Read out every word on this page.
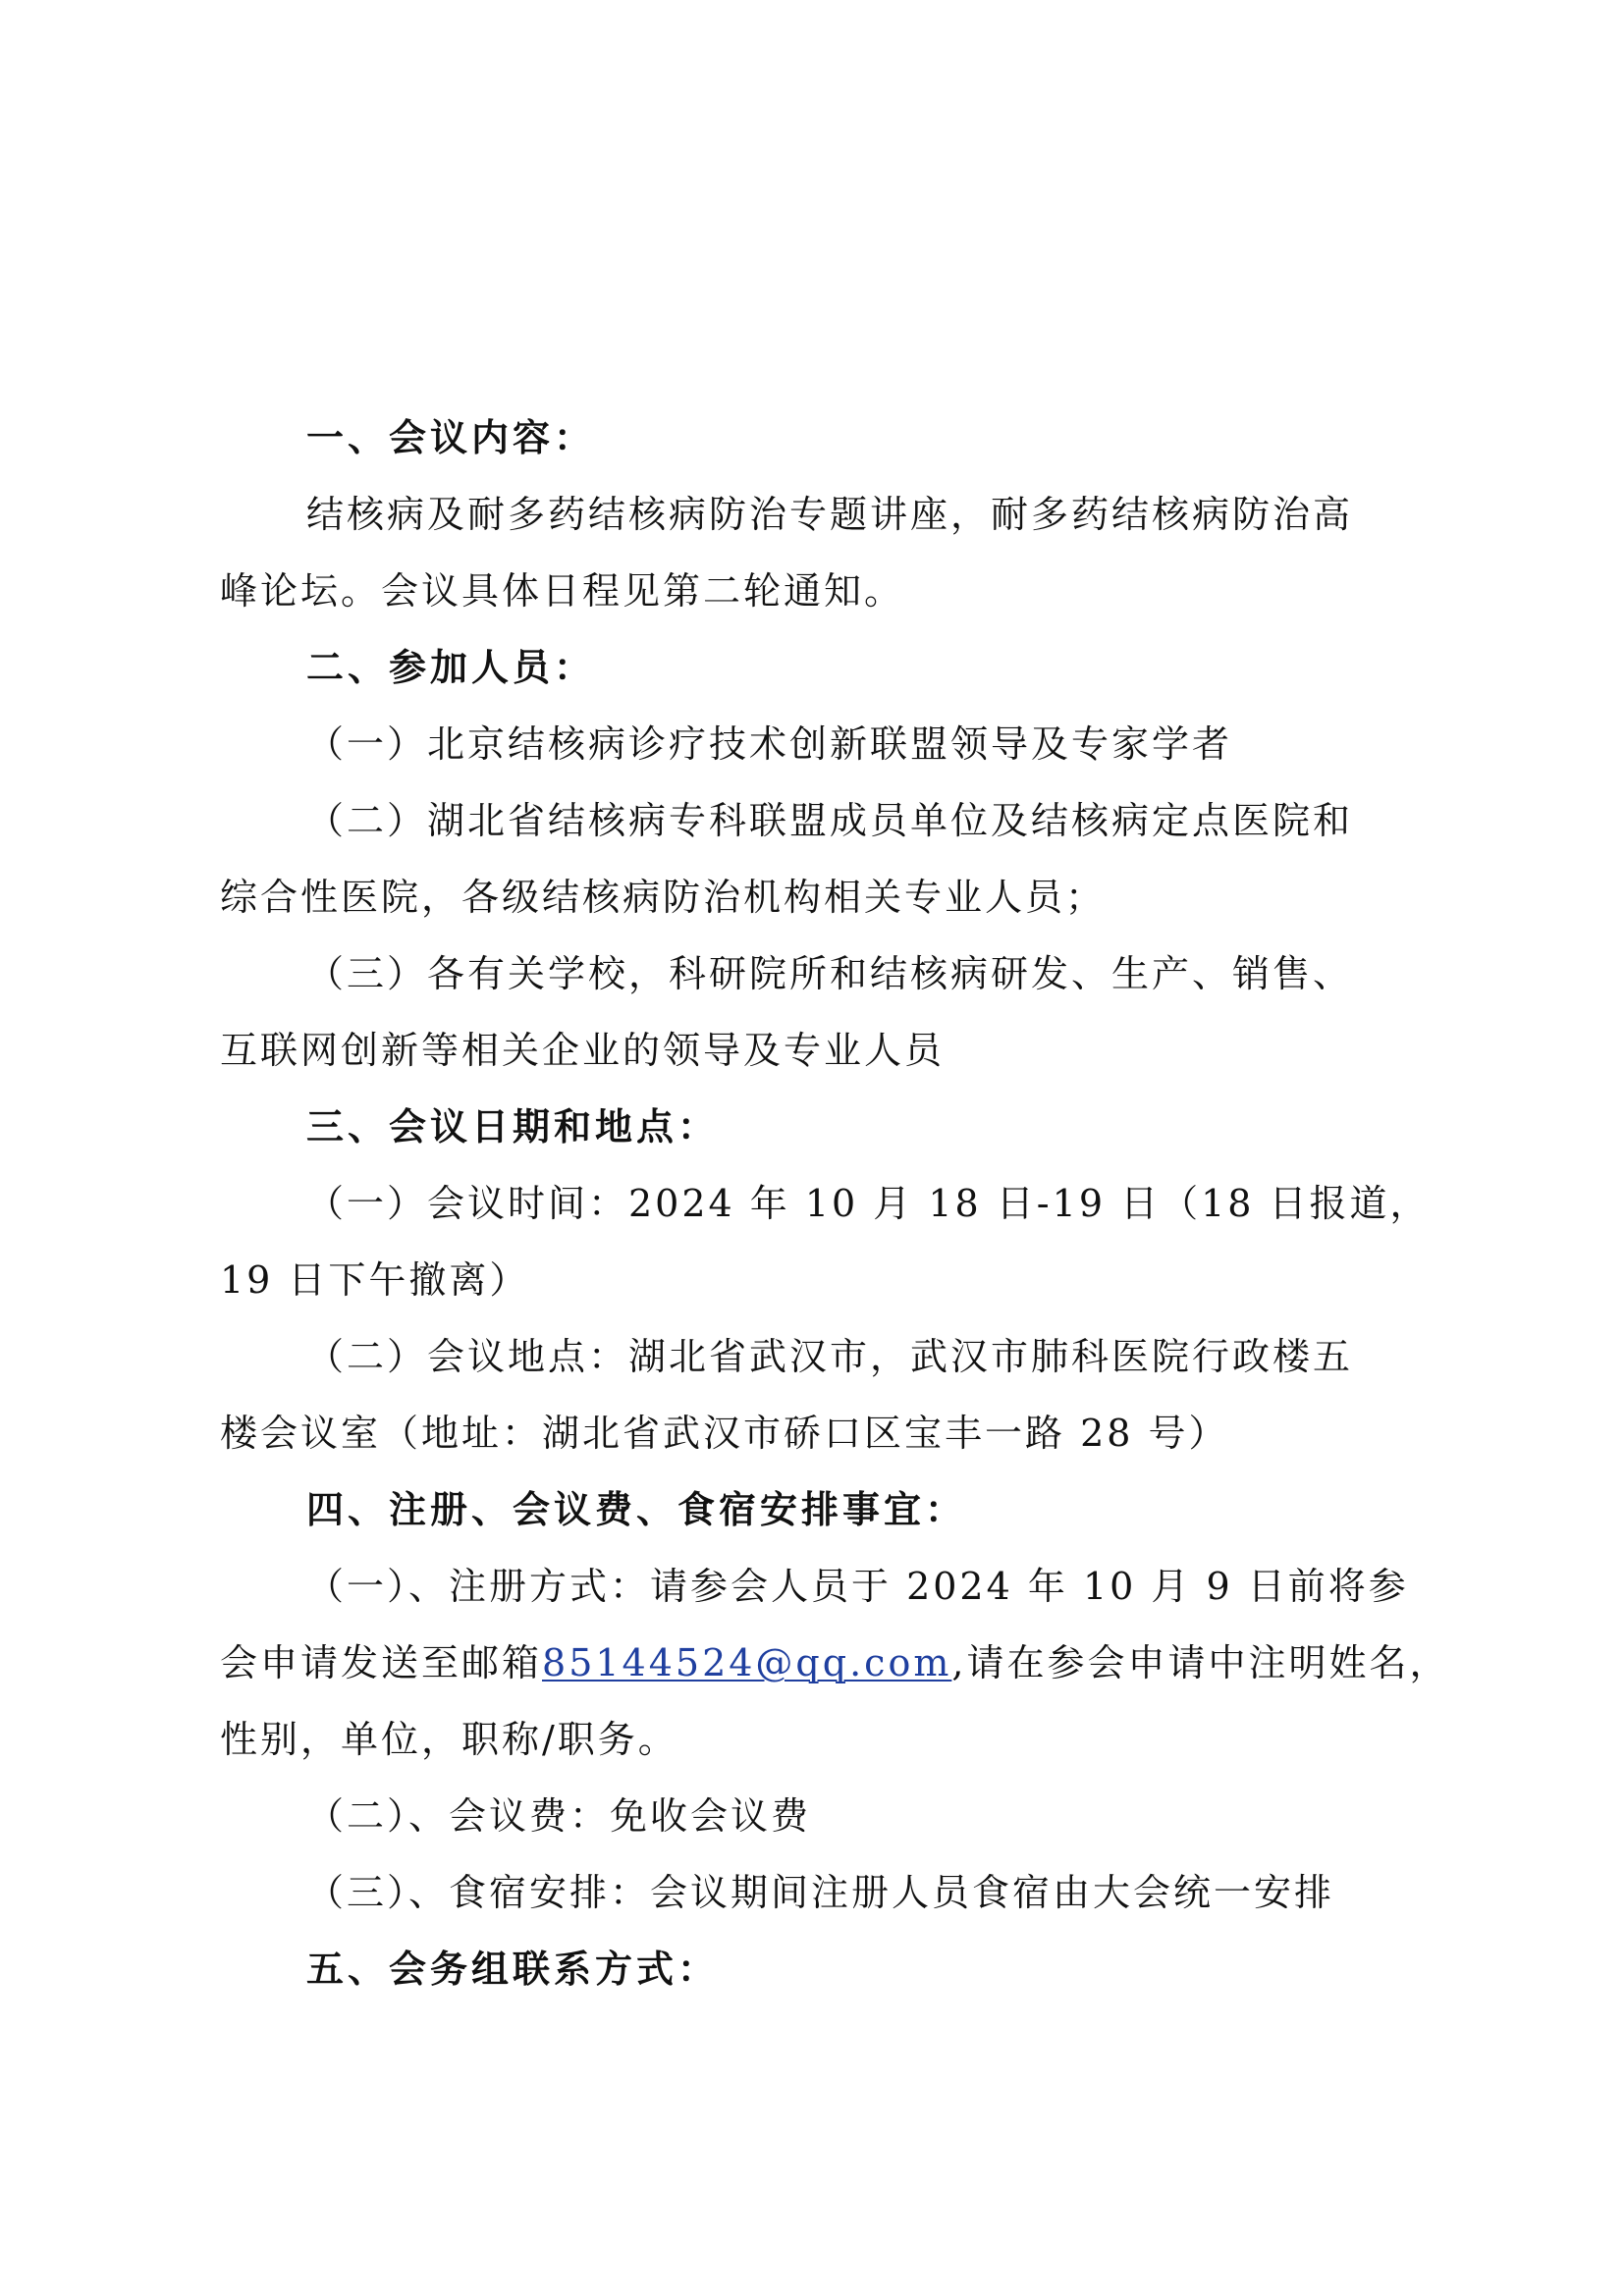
一、会议内容：
结核病及耐多药结核病防治专题讲座，耐多药结核病防治高
峰论坛。会议具体日程见第二轮通知。
二、参加人员：
（一）北京结核病诊疗技术创新联盟领导及专家学者
（二）湖北省结核病专科联盟成员单位及结核病定点医院和
综合性医院，各级结核病防治机构相关专业人员；
（三）各有关学校，科研院所和结核病研发、生产、销售、
互联网创新等相关企业的领导及专业人员
三、会议日期和地点：
（一）会议时间：2024 年 10 月 18 日-19 日（18 日报道，
19 日下午撤离）
（二）会议地点：湖北省武汉市，武汉市肺科医院行政楼五
楼会议室（地址：湖北省武汉市硚口区宝丰一路 28 号）
四、注册、会议费、食宿安排事宜：
（一）、注册方式：请参会人员于 2024 年 10 月 9 日前将参
会申请发送至邮箱85144524@qq.com,请在参会申请中注明姓名，
性别，单位，职称/职务。
（二）、会议费：免收会议费
（三）、食宿安排：会议期间注册人员食宿由大会统一安排
五、会务组联系方式：
